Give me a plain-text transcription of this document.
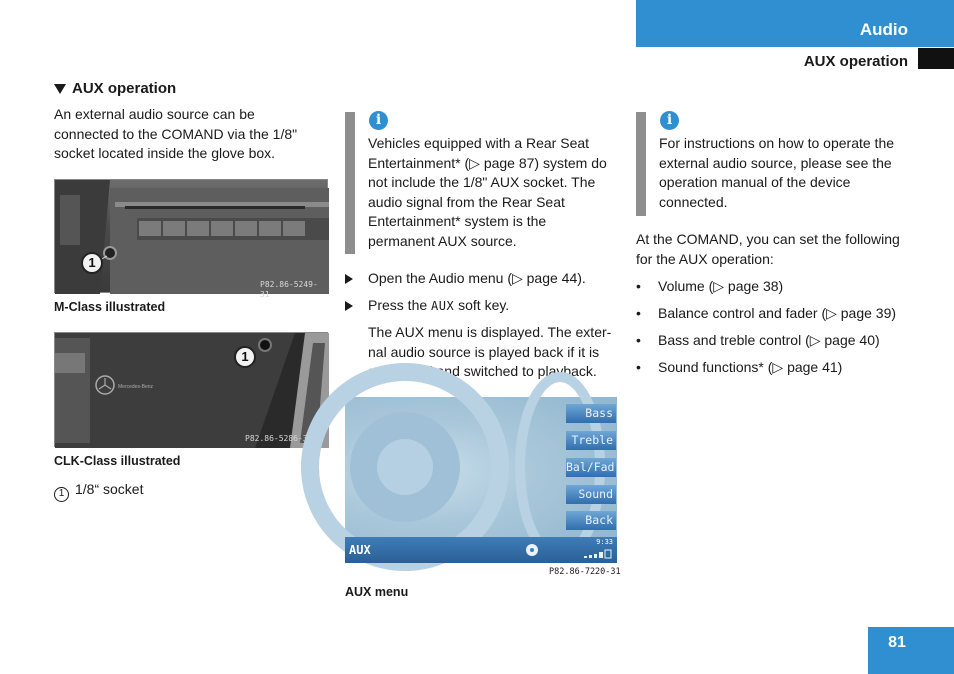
Audio
AUX operation
AUX operation

An external audio source can be

connected to the COMAND via the 1/8"

socket located inside the glove box.

1
P82.86-5249-31
M-Class illustrated
Mercedes-Benz
1
P82.86-5286-31US
CLK-Class illustrated
1 1/8“ socket
i

Vehicles equipped with a Rear Seat

Entertainment* (▷ page 87) system do

not include the 1/8" AUX socket. The

audio signal from the Rear Seat

Entertainment* system is the

permanent AUX source.

Open the Audio menu (▷ page 44).
Press the AUX soft key.

The AUX menu is displayed. The exter-

nal audio source is played back if it is

connected and switched to playback.

Bass
Treble
Bal/Fad
Sound
Back
AUX
9:33
P82.86-7220-31
AUX menu
i

For instructions on how to operate the

external audio source, please see the

operation manual of the device

connected.

At the COMAND, you can set the following

for the AUX operation:

•	Volume (▷ page 38)
•	Balance control and fader (▷ page 39)
•	Bass and treble control (▷ page 40)
•	Sound functions* (▷ page 41)
81
